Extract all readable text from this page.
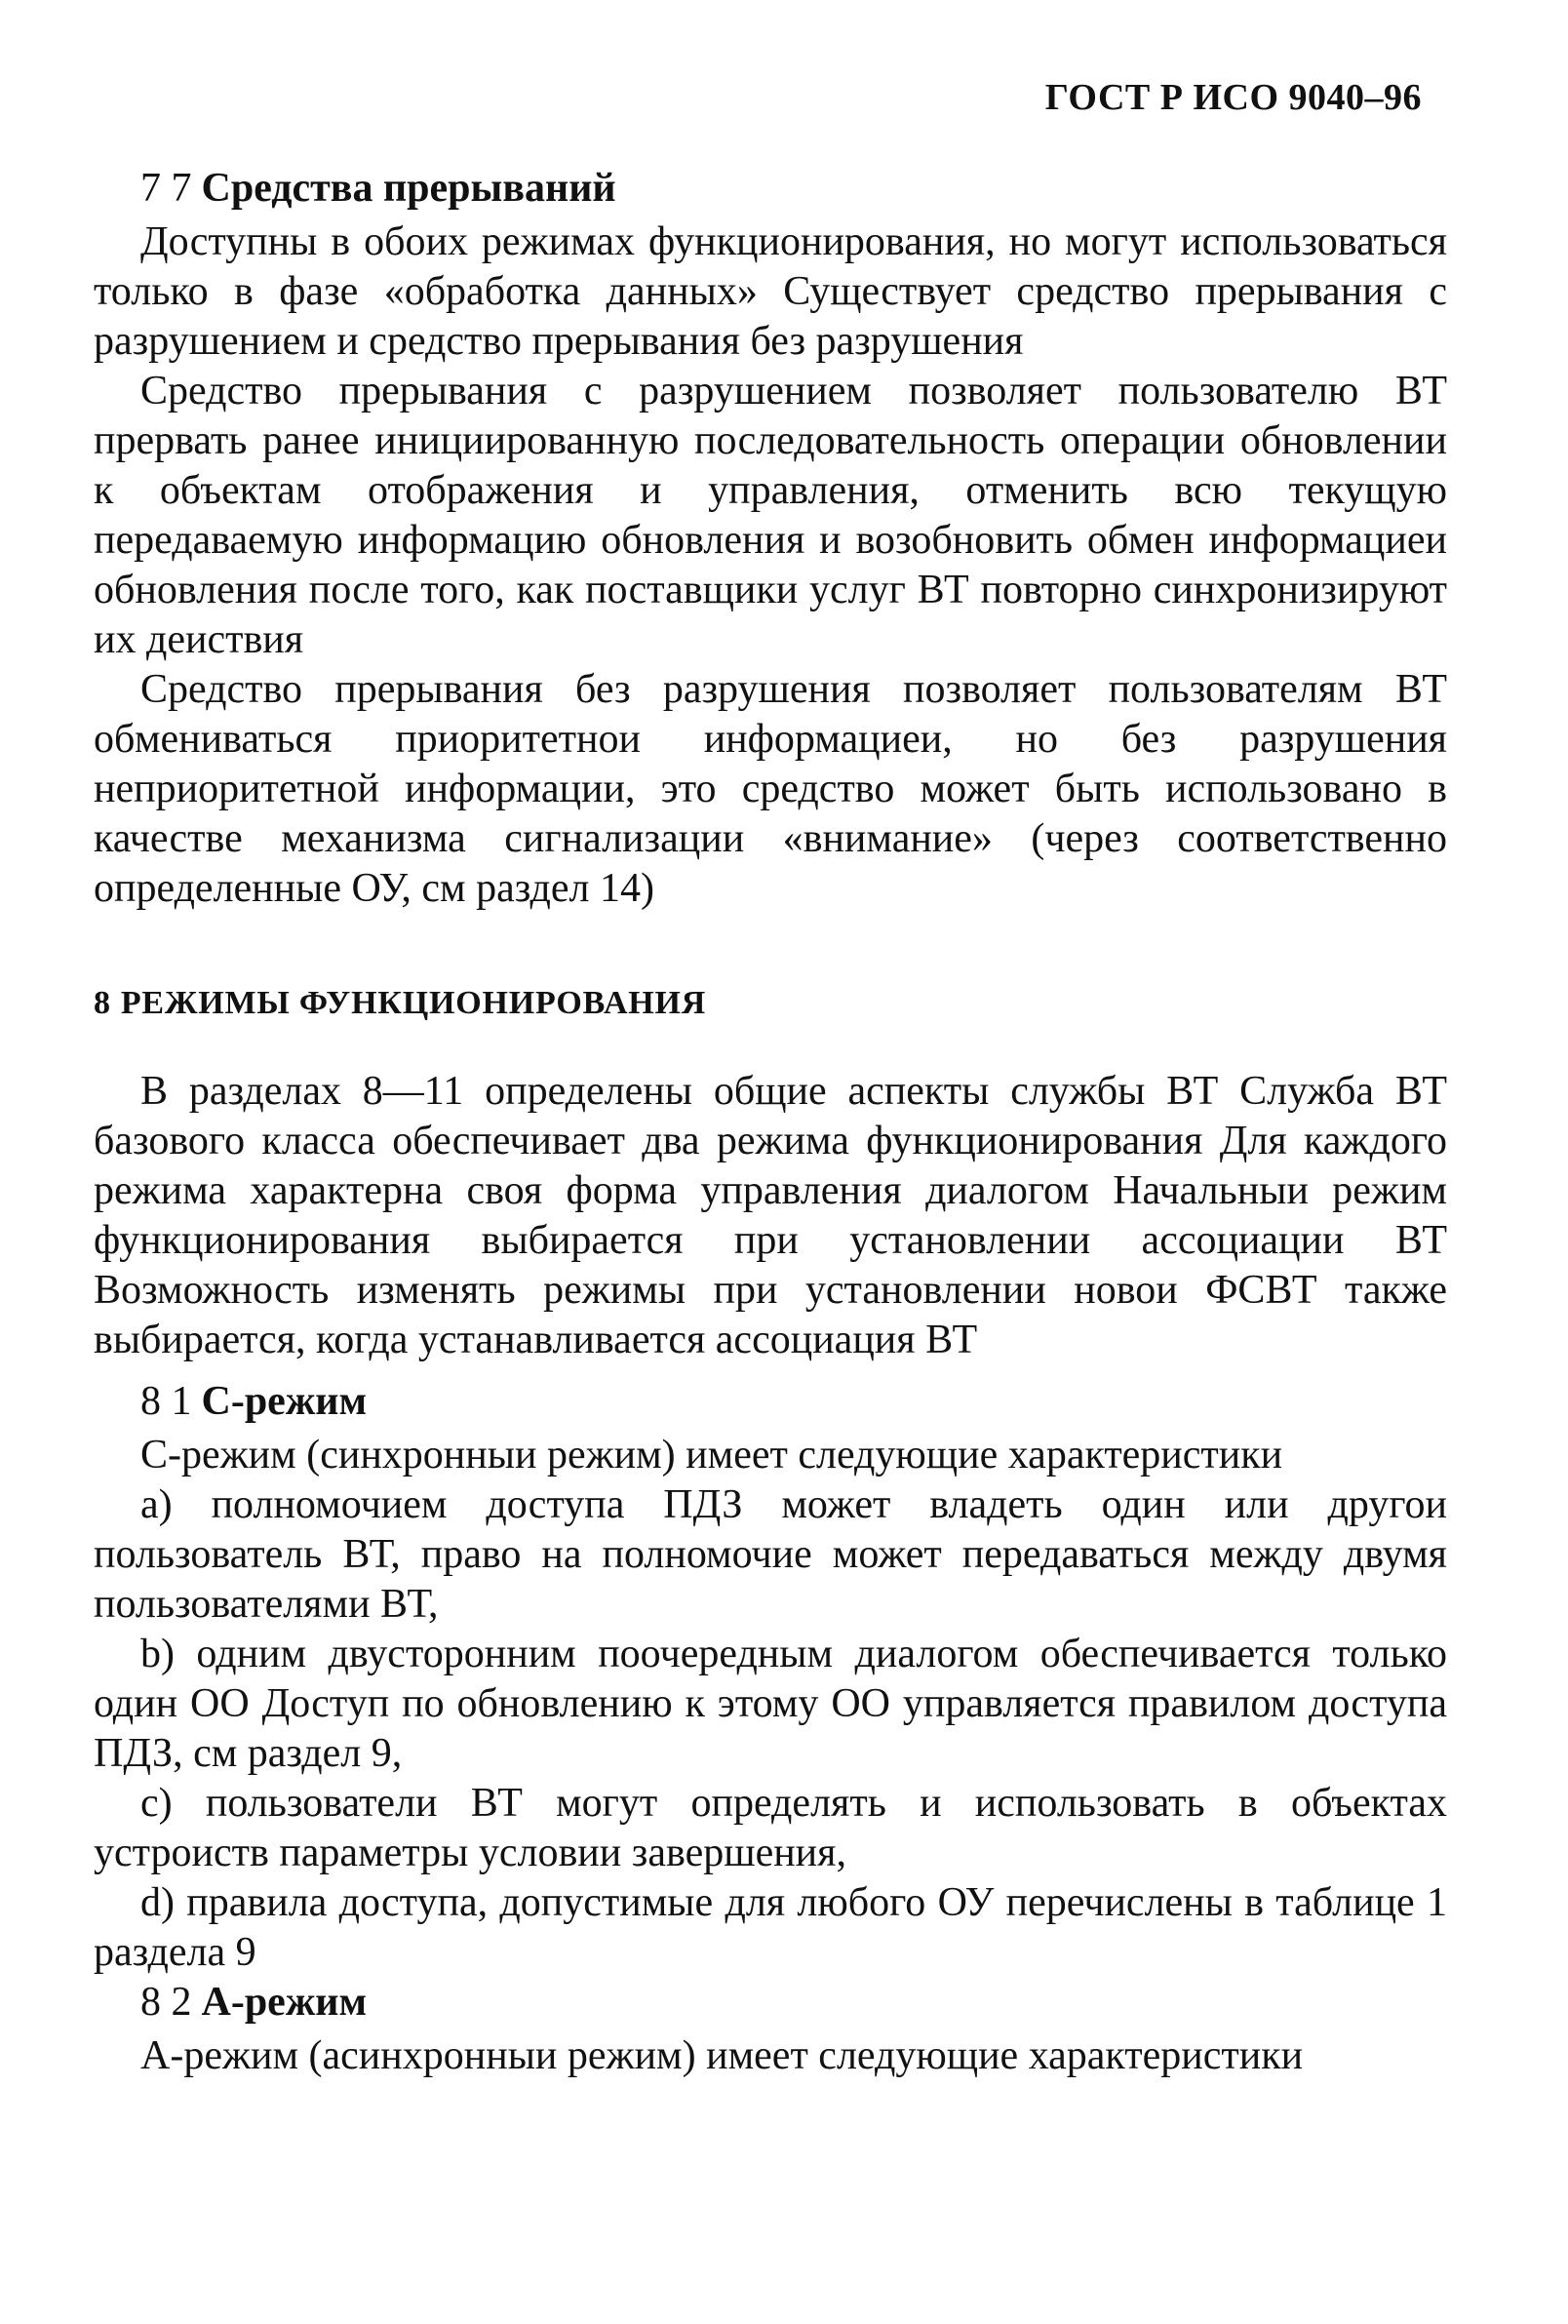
ГОСТ Р ИСО 9040–96
7 7 Средства прерываний

Доступны в обоих режимах функционирования, но могут использоваться только в фазе «обработка данных» Существует средство прерывания с разрушением и средство прерывания без разрушения

Средство прерывания с разрушением позволяет пользователю ВТ прервать ранее инициированную последовательность операции обновлении к объектам отображения и управления, отменить всю текущую передаваемую информацию обновления и возобновить обмен информациеи обновления после того, как поставщики услуг ВТ повторно синхронизируют их деиствия

Средство прерывания без разрушения позволяет пользователям ВТ обмениваться приоритетнои информациеи, но без разрушения неприоритетной информации, это средство может быть использовано в качестве механизма сигнализации «внимание» (через соответственно определенные ОУ, см раздел 14)

8 РЕЖИМЫ ФУНКЦИОНИРОВАНИЯ

В разделах 8—11 определены общие аспекты службы ВТ Служба ВТ базового класса обеспечивает два режима функционирования Для каждого режима характерна своя форма управления диалогом Начальныи режим функционирования выбирается при установлении ассоциации ВТ Возможность изменять режимы при установлении новои ФСВТ также выбирается, когда устанавливается ассоциация ВТ

8 1 С-режим

С-режим (синхронныи режим) имеет следующие характеристики

a) полномочием доступа ПДЗ может владеть один или другои пользователь ВТ, право на полномочие может передаваться между двумя пользователями ВТ,

b) одним двусторонним поочередным диалогом обеспечивается только один ОО Доступ по обновлению к этому ОО управляется правилом доступа ПДЗ, см раздел 9,

c) пользователи ВТ могут определять и использовать в объектах устроиств параметры условии завершения,

d) правила доступа, допустимые для любого ОУ перечислены в таблице 1 раздела 9

8 2 А-режим

А-режим (асинхронныи режим) имеет следующие характеристики
